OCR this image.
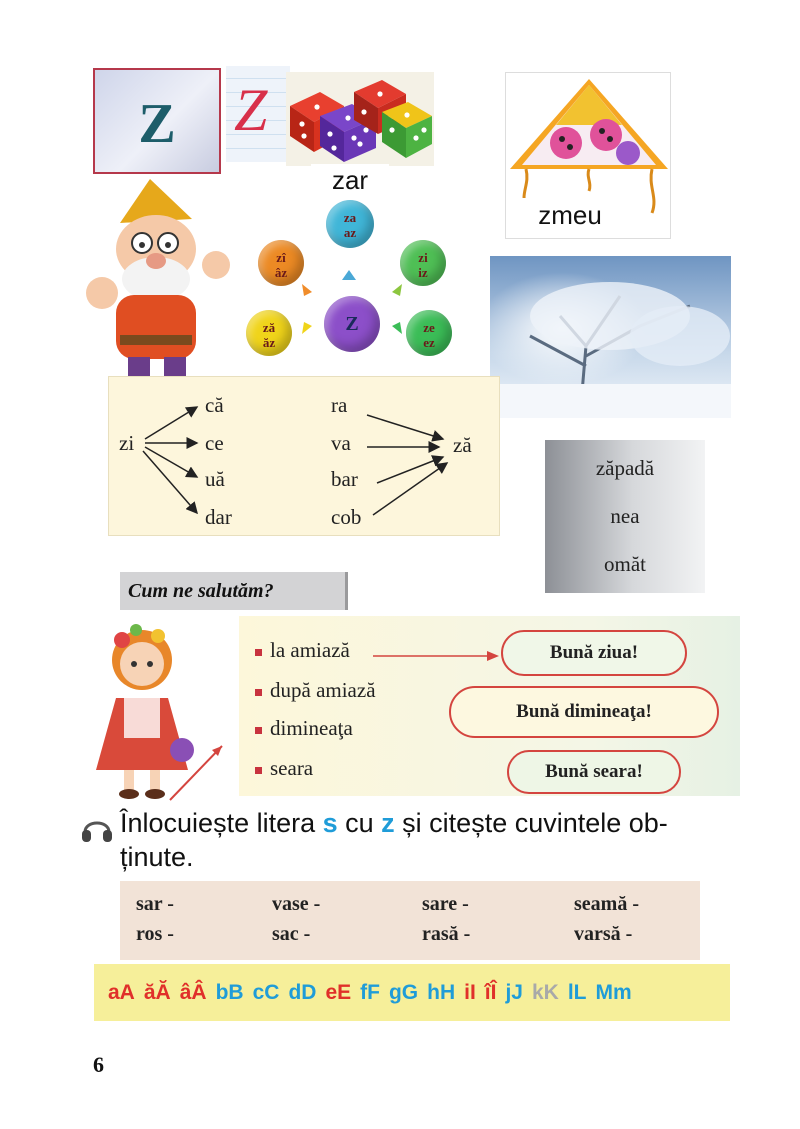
Z Z
zar
zmeu
za
az
zi
iz
ze
ez
ză
ăz
zî
âz
Z
zi
că
ce
uă
dar
ra
va
bar
cob
ză
zăpadă
nea
omăt
Cum ne salutăm?
la amiază
după amiază
dimineaţa
seara
Bună ziua!
Bună dimineaţa!
Bună seara!
Înlocuiește litera s cu z și citește cuvintele ob-
ținute.
sar -	vase -	sare -	seamă -
ros -	sac -	rasă -	varsă -
aA ăĂ âÂ bB cC dD eE fF gG hH iI îÎ jJ kK lL Mm
6
